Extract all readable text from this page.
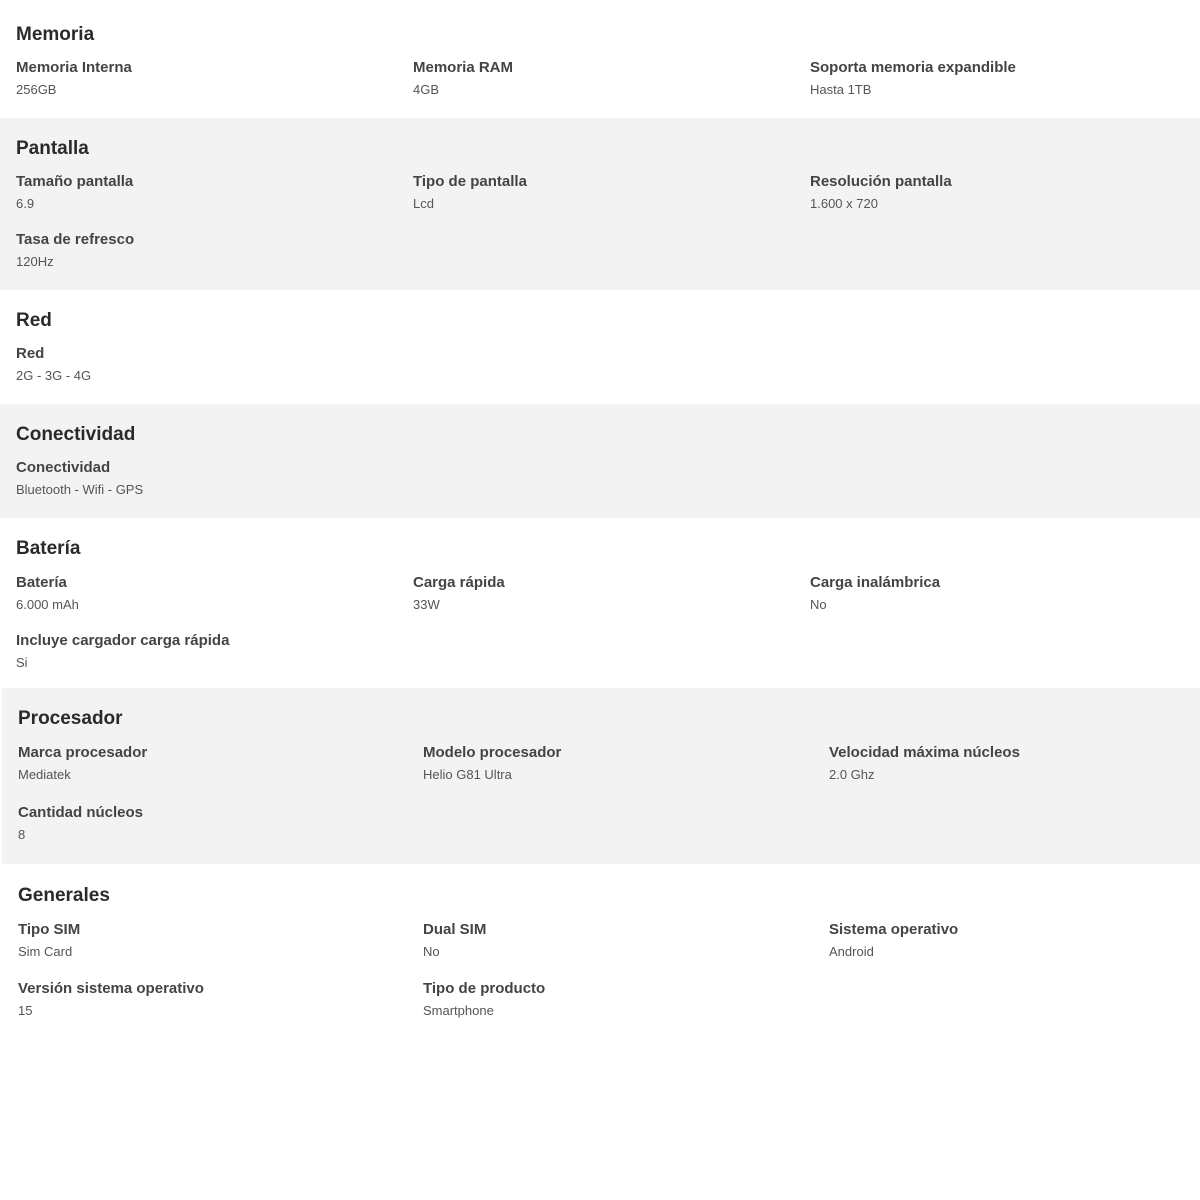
Memoria
Memoria Interna
256GB
Memoria RAM
4GB
Soporta memoria expandible
Hasta 1TB
Pantalla
Tamaño pantalla
6.9
Tipo de pantalla
Lcd
Resolución pantalla
1.600 x 720
Tasa de refresco
120Hz
Red
Red
2G - 3G - 4G
Conectividad
Conectividad
Bluetooth - Wifi - GPS
Batería
Batería
6.000 mAh
Carga rápida
33W
Carga inalámbrica
No
Incluye cargador carga rápida
Si
Procesador
Marca procesador
Mediatek
Modelo procesador
Helio G81 Ultra
Velocidad máxima núcleos
2.0 Ghz
Cantidad núcleos
8
Generales
Tipo SIM
Sim Card
Dual SIM
No
Sistema operativo
Android
Versión sistema operativo
15
Tipo de producto
Smartphone
